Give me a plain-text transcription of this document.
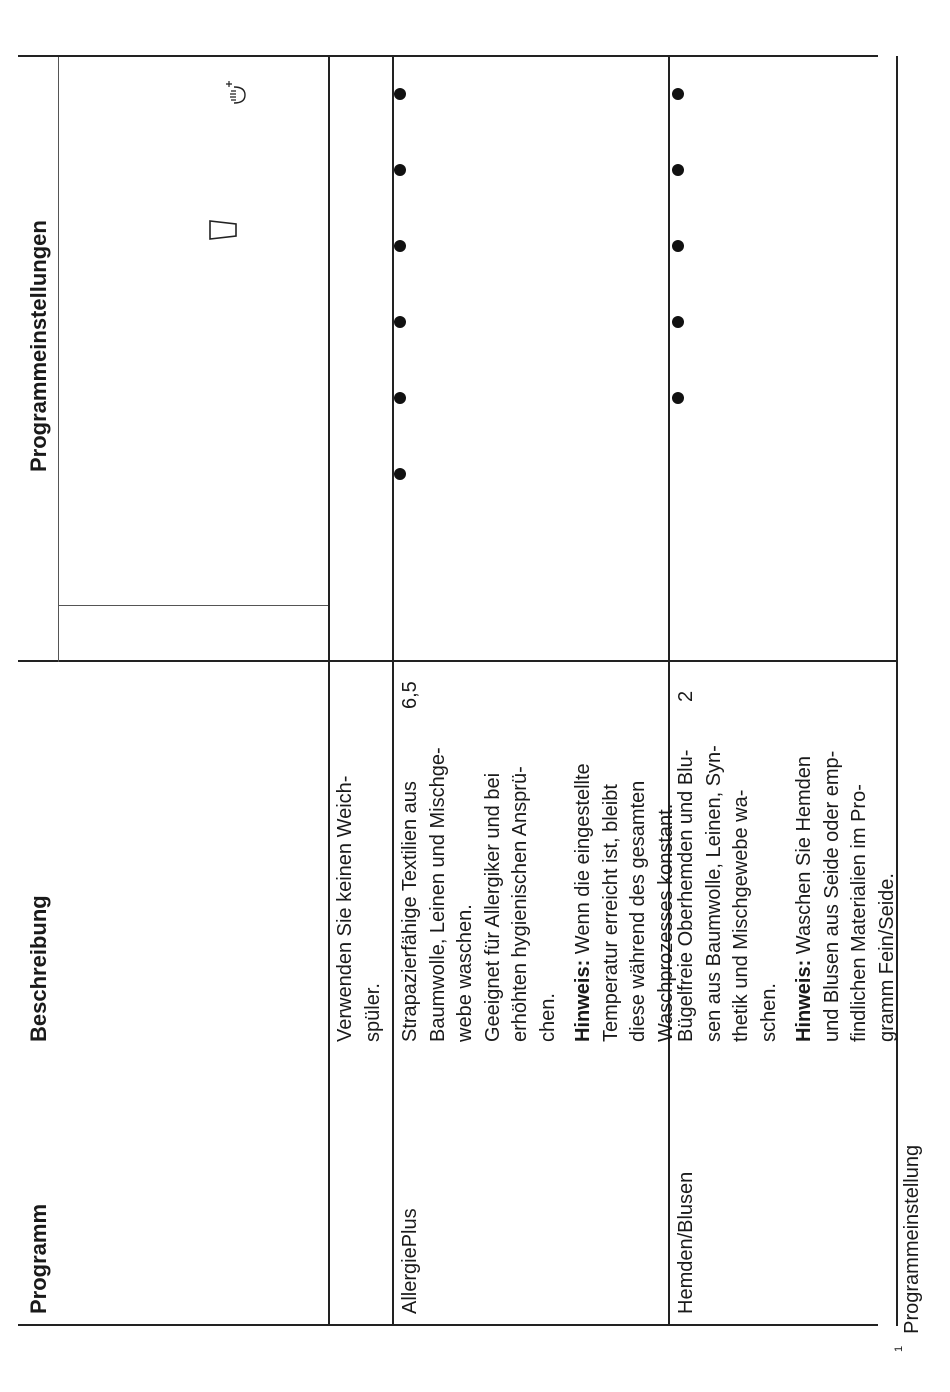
Programm
Beschreibung
Programmeinstellungen
Verwenden Sie keinen Weich- spüler.
AllergiePlus
Strapazierfähige Textilien aus Baumwolle, Leinen und Mischge- webe waschen. Geeignet für Allergiker und bei erhöhten hygienischen Ansprü- chen. Hinweis: Wenn die eingestellte Temperatur erreicht ist, bleibt diese während des gesamten Waschprozesses konstant.
6,5
Hemden/Blusen
Bügelfreie Oberhemden und Blu- sen aus Baumwolle, Leinen, Syn- thetik und Mischgewebe wa- schen. Hinweis: Waschen Sie Hemden und Blusen aus Seide oder emp- findlichen Materialien im Pro- gramm Fein/Seide.
2
$^1$Programmeinstellung
